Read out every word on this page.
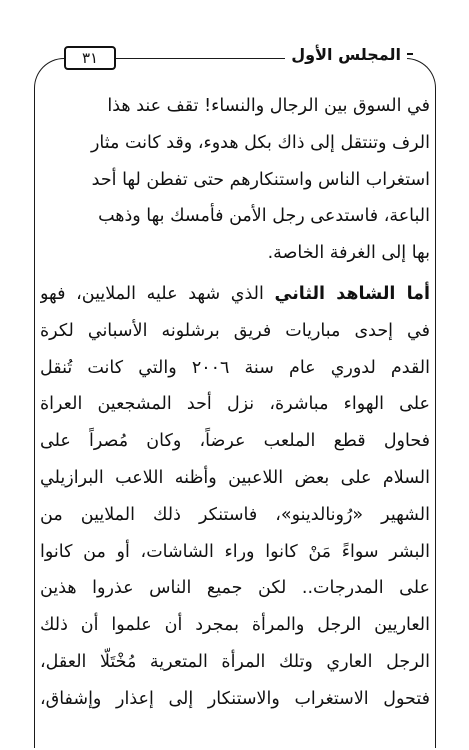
٣١	المجلس الأول

في السوق بين الرجال والنساء! تقف عند هذا
الرف وتنتقل إلى ذاك بكل هدوء، وقد كانت مثار
استغراب الناس واستنكارهم حتى تفطن لها أحد
الباعة، فاستدعى رجل الأمن فأمسك بها وذهب
بها إلى الغرفة الخاصة.

أما الشاهد الثاني الذي شهد عليه الملايين، فهو
في إحدى مباريات فريق برشلونه الأسباني لكرة
القدم لدوري عام سنة ٢٠٠٦ والتي كانت تُنقل
على الهواء مباشرة، نزل أحد المشجعين العراة
فحاول قطع الملعب عرضاً، وكان مُصراً على
السلام على بعض اللاعبين وأظنه اللاعب البرازيلي
الشهير «رُونالدينو»، فاستنكر ذلك الملايين من
البشر سواءً مَنْ كانوا وراء الشاشات، أو من كانوا
على المدرجات.. لكن جميع الناس عذروا هذين
العاريين الرجل والمرأة بمجرد أن علموا أن ذلك
الرجل العاري وتلك المرأة المتعرية مُخْتَلّا العقل،
فتحول الاستغراب والاستنكار إلى إعذار وإشفاق،
